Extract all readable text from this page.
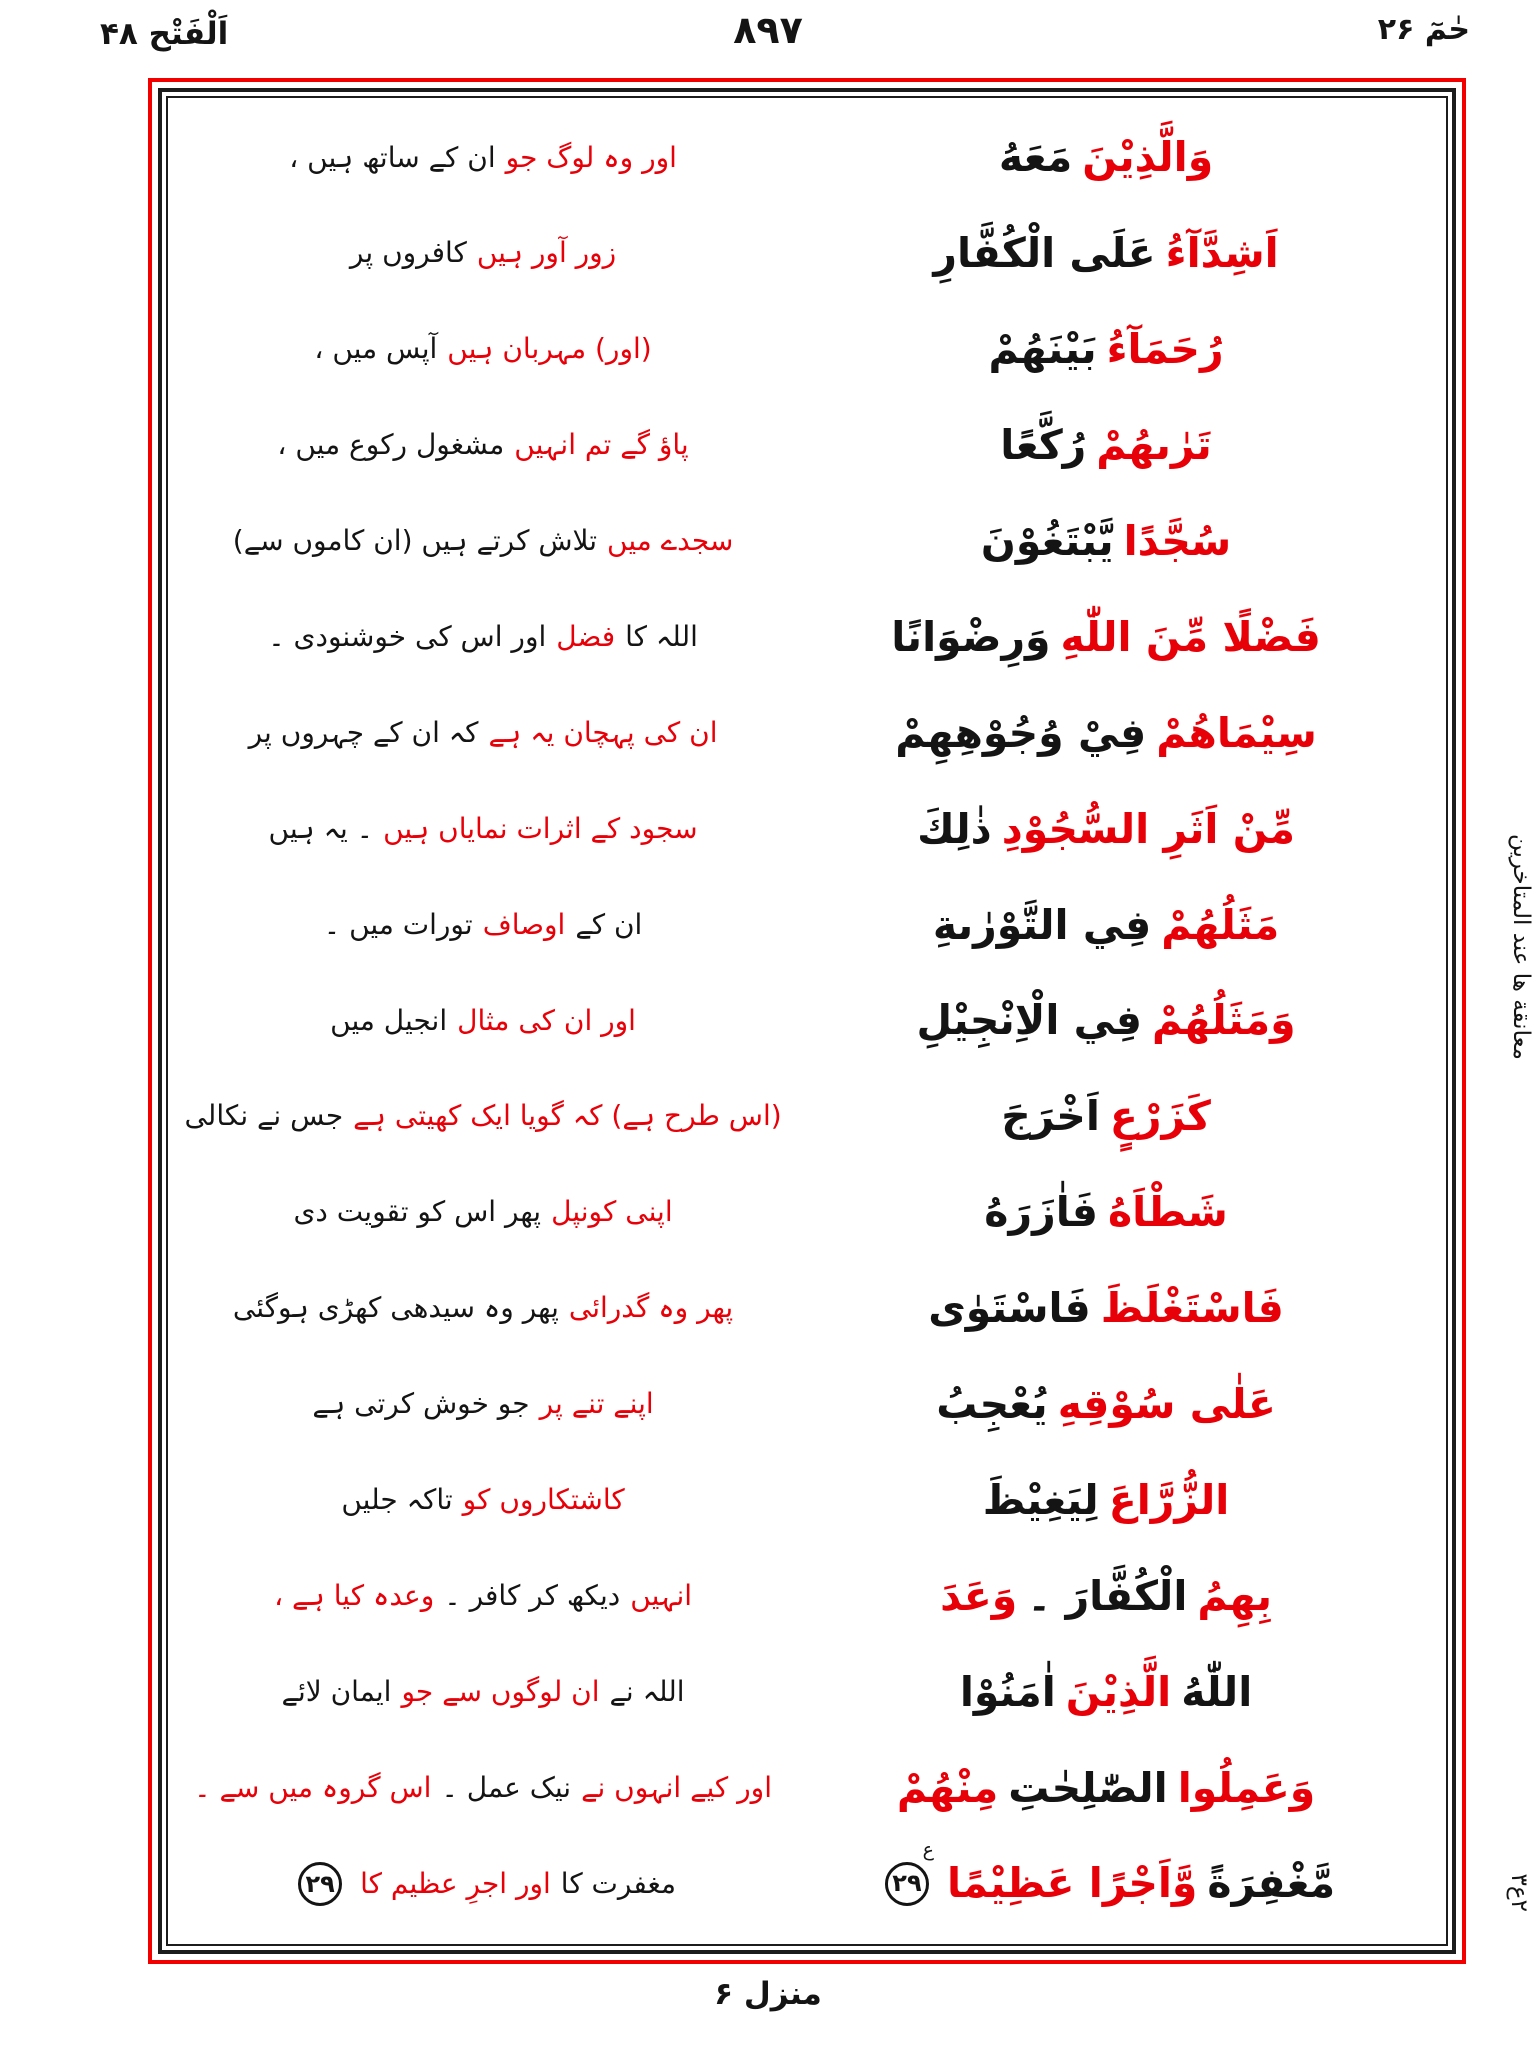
اَلْفَتْح ۴۸	۸۹۷	حٰمٓ ۲۶
وَالَّذِيْنَ
مَعَهُ
اور وہ لوگ جو
ان کے ساتھ ہیں ،
اَشِدَّآءُ
عَلَى الْكُفَّارِ
زور آور ہیں
کافروں پر
رُحَمَآءُ
بَيْنَهُمْ
(اور) مہربان ہیں
آپس میں ،
تَرٰىهُمْ
رُكَّعًا
پاؤ گے تم انہیں
مشغول رکوع میں ،
سُجَّدًا
يَّبْتَغُوْنَ
سجدے میں
تلاش کرتے ہیں (ان کاموں سے)
فَضْلًا مِّنَ اللّٰهِ
وَرِضْوَانًا
اللہ کا
فضل
اور اس کی خوشنودی ۔
سِيْمَاهُمْ
فِيْ وُجُوْهِهِمْ
ان کی پہچان یہ ہے
کہ ان کے چہروں پر
مِّنْ اَثَرِ السُّجُوْدِ
ذٰلِكَ
سجود کے اثرات نمایاں ہیں
۔ یہ ہیں
مَثَلُهُمْ
فِي التَّوْرٰىةِ
ان کے
اوصاف
تورات میں ۔
وَمَثَلُهُمْ
فِي الْاِنْجِيْلِ
اور ان کی مثال
انجیل میں
كَزَرْعٍ
اَخْرَجَ
(اس طرح ہے) کہ گویا ایک کھیتی ہے
جس نے نکالی
شَطْاَهُ
فَاٰزَرَهُ
اپنی کونپل
پھر اس کو تقویت دی
فَاسْتَغْلَظَ
فَاسْتَوٰى
پھر وہ گدرائی
پھر وہ سیدھی کھڑی ہوگئی
عَلٰى سُوْقِهِ
يُعْجِبُ
اپنے تنے پر
جو خوش کرتی ہے
الزُّرَّاعَ
لِيَغِيْظَ
کاشتکاروں کو
تاکہ جلیں
بِهِمُ
الْكُفَّارَ ۔
وَعَدَ
انہیں
دیکھ کر کافر ۔
وعدہ کیا ہے ،
اللّٰهُ
الَّذِيْنَ
اٰمَنُوْا
اللہ نے
ان لوگوں سے جو
ایمان لائے
وَعَمِلُوا
الصّٰلِحٰتِ
مِنْهُمْ
اور کیے انہوں نے
نیک عمل ۔
اس گروہ میں سے ۔
مَّغْفِرَةً
وَّاَجْرًا عَظِيْمًا
۲۹
ع
مغفرت کا
اور اجرِ عظیم کا
۲۹
معانقة ها عند المتاخرین
۲ع۳
منزل ۶
